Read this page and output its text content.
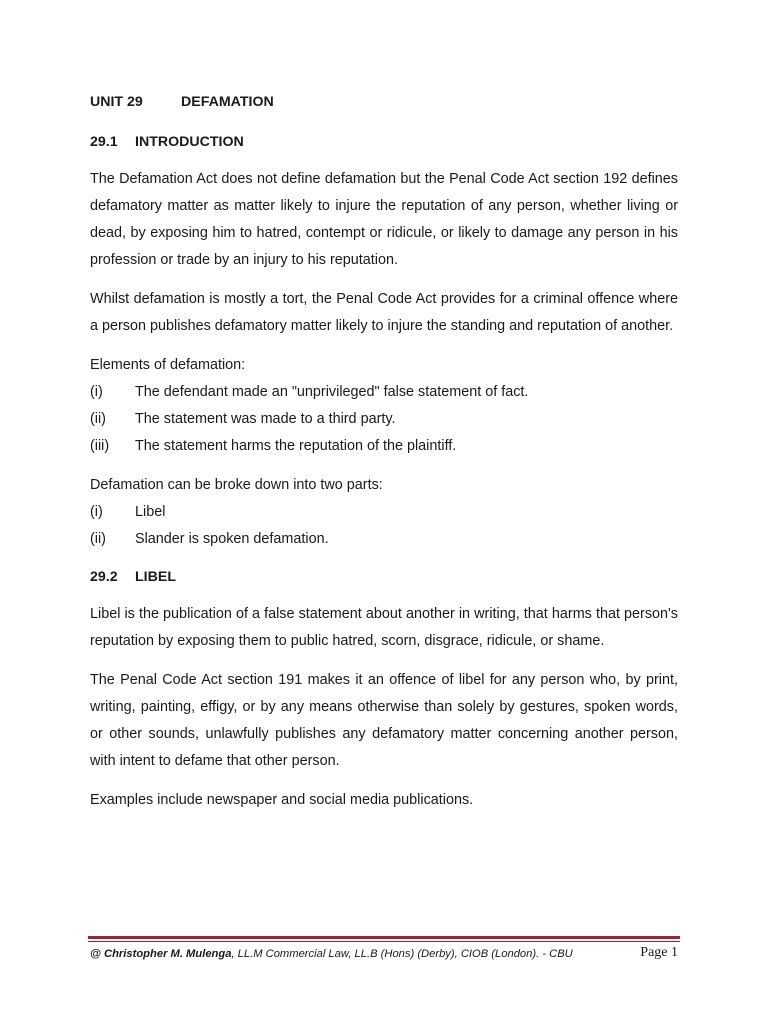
UNIT 29	DEFAMATION
29.1 INTRODUCTION

The Defamation Act does not define defamation but the Penal Code Act section 192 defines defamatory matter as matter likely to injure the reputation of any person, whether living or dead, by exposing him to hatred, contempt or ridicule, or likely to damage any person in his profession or trade by an injury to his reputation.

Whilst defamation is mostly a tort, the Penal Code Act provides for a criminal offence where a person publishes defamatory matter likely to injure the standing and reputation of another.

Elements of defamation:

(i)	The defendant made an "unprivileged" false statement of fact.
(ii)	The statement was made to a third party.
(iii)	The statement harms the reputation of the plaintiff.

Defamation can be broke down into two parts:

(i)	Libel
(ii)	Slander is spoken defamation.
29.2 LIBEL

Libel is the publication of a false statement about another in writing, that harms that person's reputation by exposing them to public hatred, scorn, disgrace, ridicule, or shame.

The Penal Code Act section 191 makes it an offence of libel for any person who, by print, writing, painting, effigy, or by any means otherwise than solely by gestures, spoken words, or other sounds, unlawfully publishes any defamatory matter concerning another person, with intent to defame that other person.

Examples include newspaper and social media publications.

@ Christopher M. Mulenga, LL.M Commercial Law, LL.B (Hons) (Derby), CIOB (London). - CBU	Page 1
